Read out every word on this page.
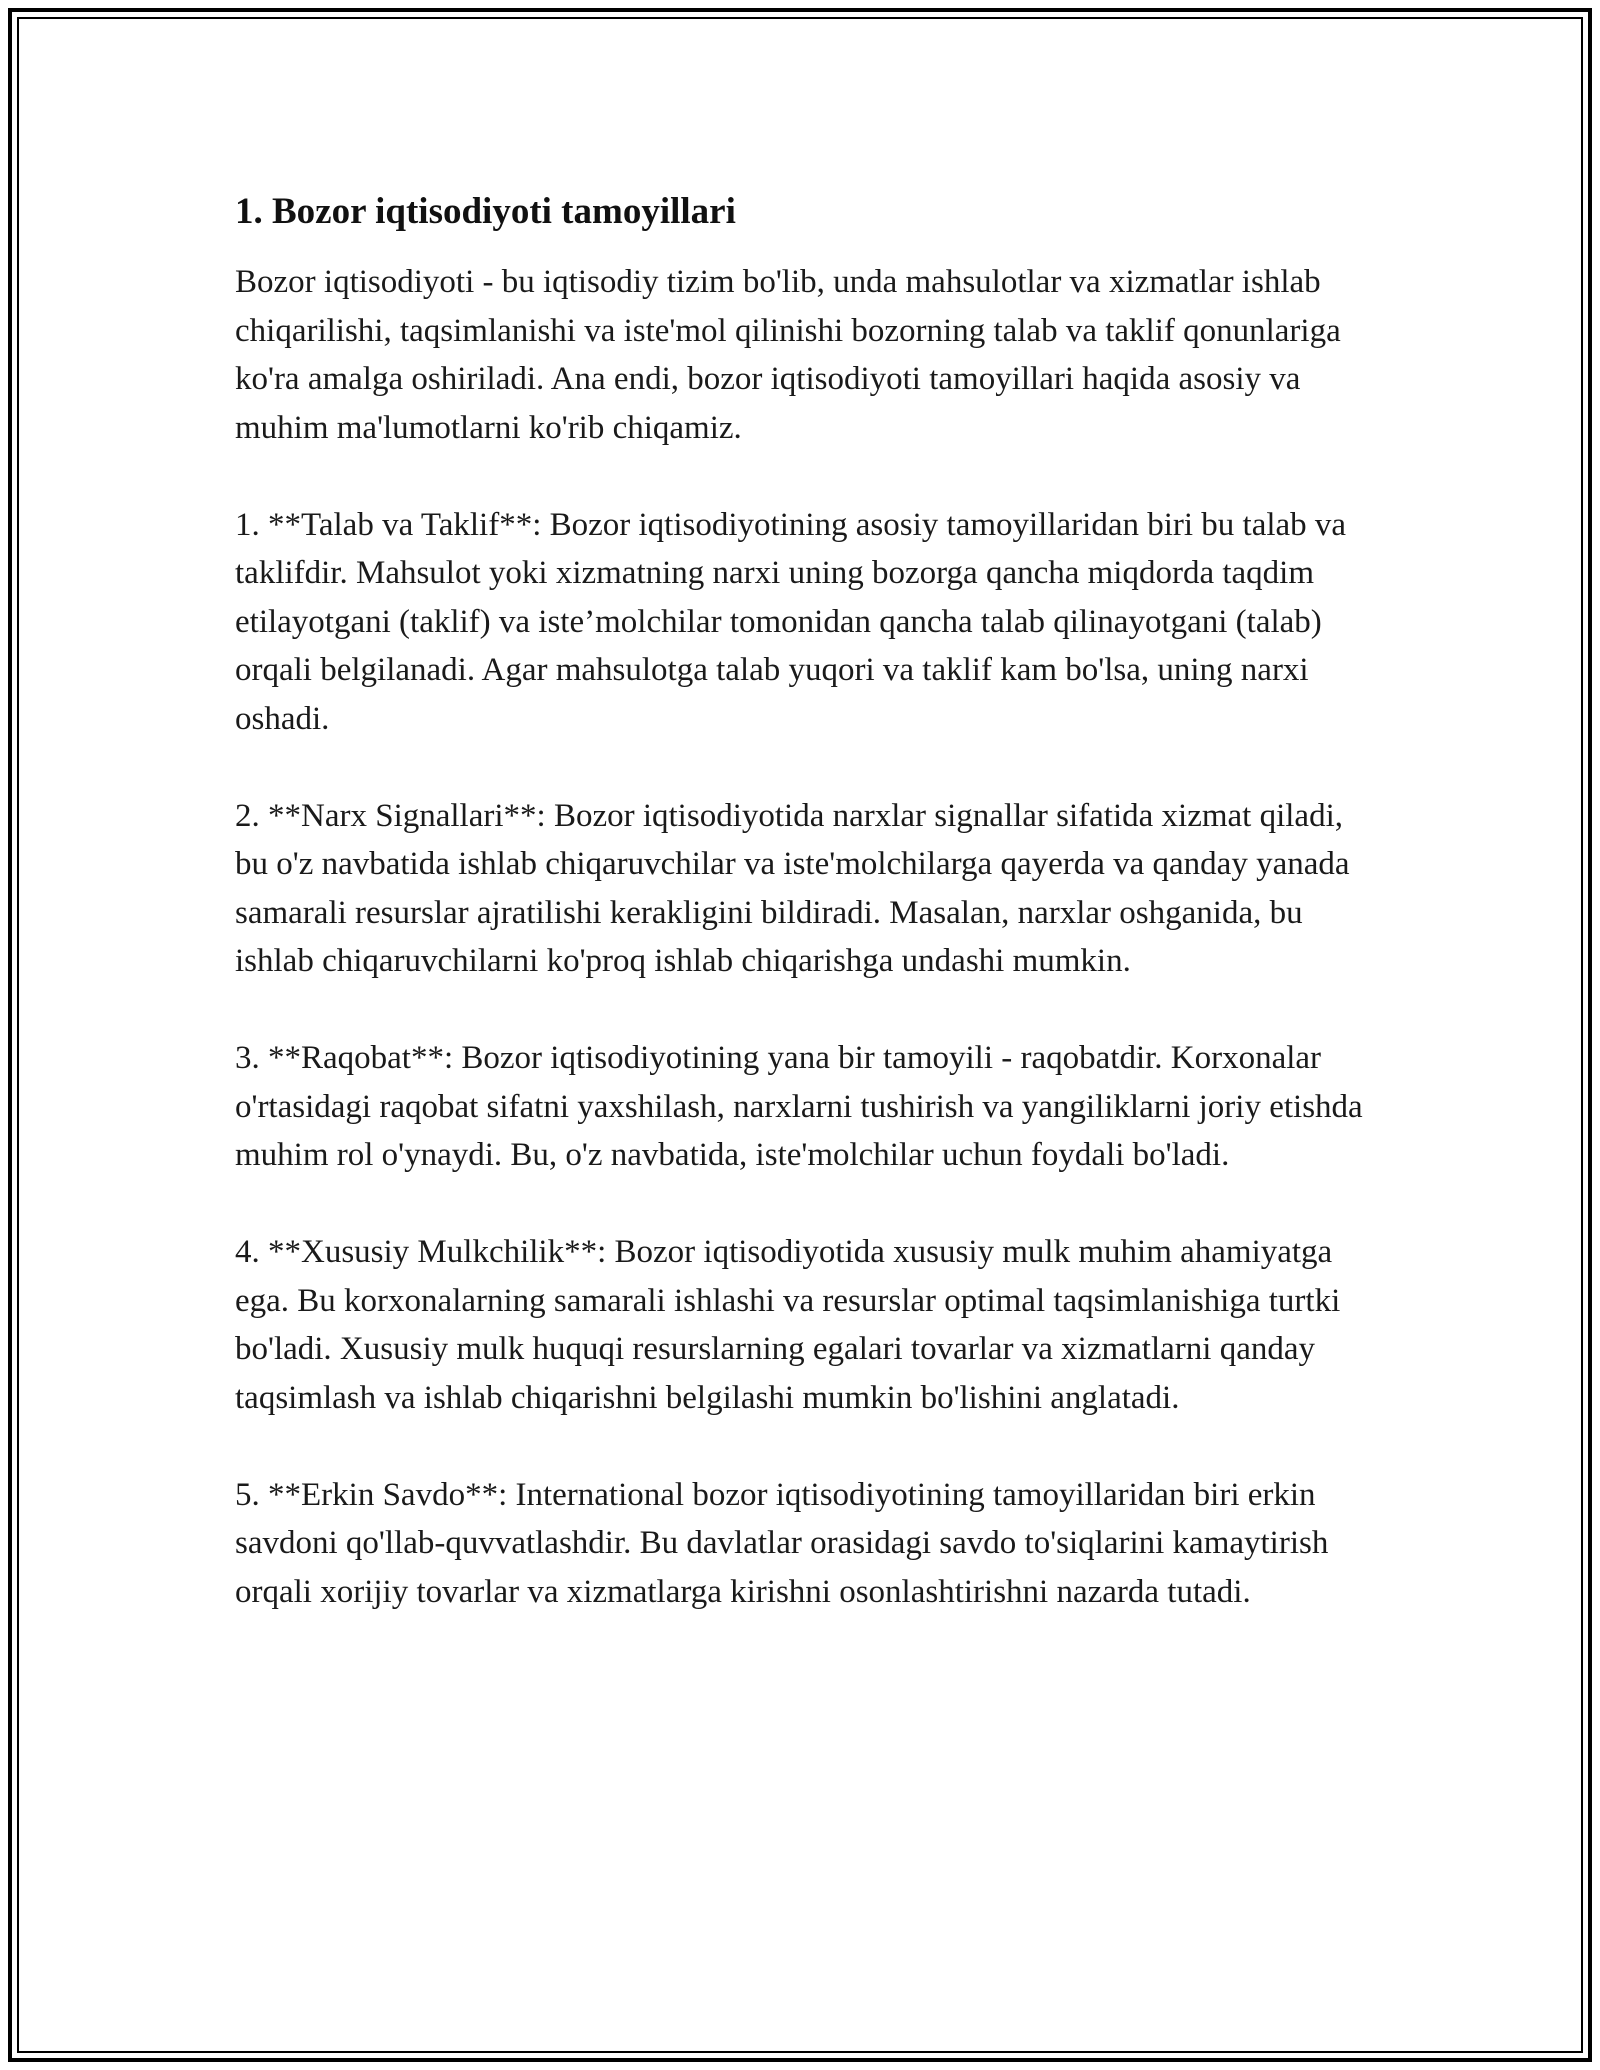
1. Bozor iqtisodiyoti tamoyillari

Bozor iqtisodiyoti - bu iqtisodiy tizim bo'lib, unda mahsulotlar va xizmatlar ishlab chiqarilishi, taqsimlanishi va iste'mol qilinishi bozorning talab va taklif qonunlariga ko'ra amalga oshiriladi. Ana endi, bozor iqtisodiyoti tamoyillari haqida asosiy va muhim ma'lumotlarni ko'rib chiqamiz.

1. **Talab va Taklif**: Bozor iqtisodiyotining asosiy tamoyillaridan biri bu talab va taklifdir. Mahsulot yoki xizmatning narxi uning bozorga qancha miqdorda taqdim etilayotgani (taklif) va iste’molchilar tomonidan qancha talab qilinayotgani (talab) orqali belgilanadi. Agar mahsulotga talab yuqori va taklif kam bo'lsa, uning narxi oshadi.

2. **Narx Signallari**: Bozor iqtisodiyotida narxlar signallar sifatida xizmat qiladi, bu o'z navbatida ishlab chiqaruvchilar va iste'molchilarga qayerda va qanday yanada samarali resurslar ajratilishi kerakligini bildiradi. Masalan, narxlar oshganida, bu ishlab chiqaruvchilarni ko'proq ishlab chiqarishga undashi mumkin.

3. **Raqobat**: Bozor iqtisodiyotining yana bir tamoyili - raqobatdir. Korxonalar o'rtasidagi raqobat sifatni yaxshilash, narxlarni tushirish va yangiliklarni joriy etishda muhim rol o'ynaydi. Bu, o'z navbatida, iste'molchilar uchun foydali bo'ladi.

4. **Xususiy Mulkchilik**: Bozor iqtisodiyotida xususiy mulk muhim ahamiyatga ega. Bu korxonalarning samarali ishlashi va resurslar optimal taqsimlanishiga turtki bo'ladi. Xususiy mulk huquqi resurslarning egalari tovarlar va xizmatlarni qanday taqsimlash va ishlab chiqarishni belgilashi mumkin bo'lishini anglatadi.

5. **Erkin Savdo**: International bozor iqtisodiyotining tamoyillaridan biri erkin savdoni qo'llab-quvvatlashdir. Bu davlatlar orasidagi savdo to'siqlarini kamaytirish orqali xorijiy tovarlar va xizmatlarga kirishni osonlashtirishni nazarda tutadi.
